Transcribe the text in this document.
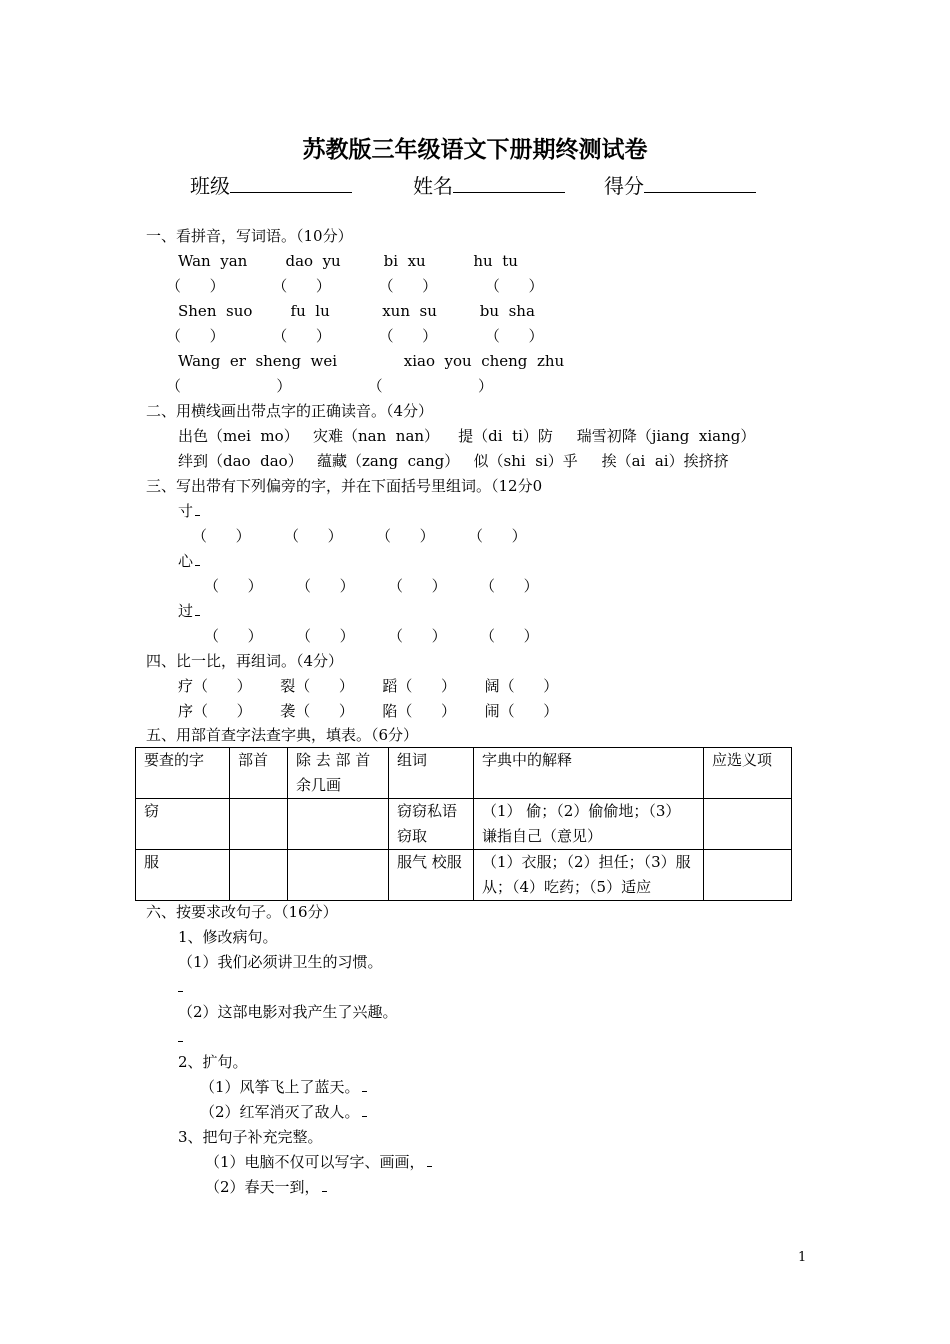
苏教版三年级语文下册期终测试卷
班级	姓名	得分
一、看拼音，写词语。（10分）
Wan  yan        dao  yu         bi  xu          hu  tu
（      ）          （      ）          （      ）          （      ）
Shen  suo        fu  lu           xun  su         bu  sha
（      ）          （      ）          （      ）          （      ）
Wang  er  sheng  wei              xiao  you  cheng  zhu
（                    ）                （                    ）
二、用横线画出带点字的正确读音。（4分）
出色（mei  mo）   灾难（nan  nan）    提（di  ti）防     瑞雪初降（jiang  xiang）
绊到（dao  dao）   蕴藏（zang  cang）   似（shi  si）乎     挨（ai  ai）挨挤挤
三、写出带有下列偏旁的字，并在下面括号里组词。（12分0
寸
（      ）       （      ）       （      ）       （      ）
心
（      ）       （      ）       （      ）       （      ）
过
（      ）       （      ）       （      ）       （      ）
四、比一比，再组词。（4分）
疗（      ）      裂（      ）      蹈（      ）      阔（      ）
序（      ）      袭（      ）      陷（      ）      闹（      ）
五、用部首查字法查字典，填表。（6分）
要查的字	部首	除 去 部 首 余几画	组词	字典中的解释	应选义项
窃			窃窃私语 窃取	（1） 偷；（2）偷偷地；（3）谦指自己（意见）	
服			服气 校服	（1）衣服；（2）担任；（3）服从；（4）吃药；（5）适应	
六、按要求改句子。（16分）
1、修改病句。
（1）我们必须讲卫生的习惯。
（2）这部电影对我产生了兴趣。
2、扩句。
（1）风筝飞上了蓝天。
（2）红军消灭了敌人。
3、把句子补充完整。
（1）电脑不仅可以写字、画画，
（2）春天一到，
1
